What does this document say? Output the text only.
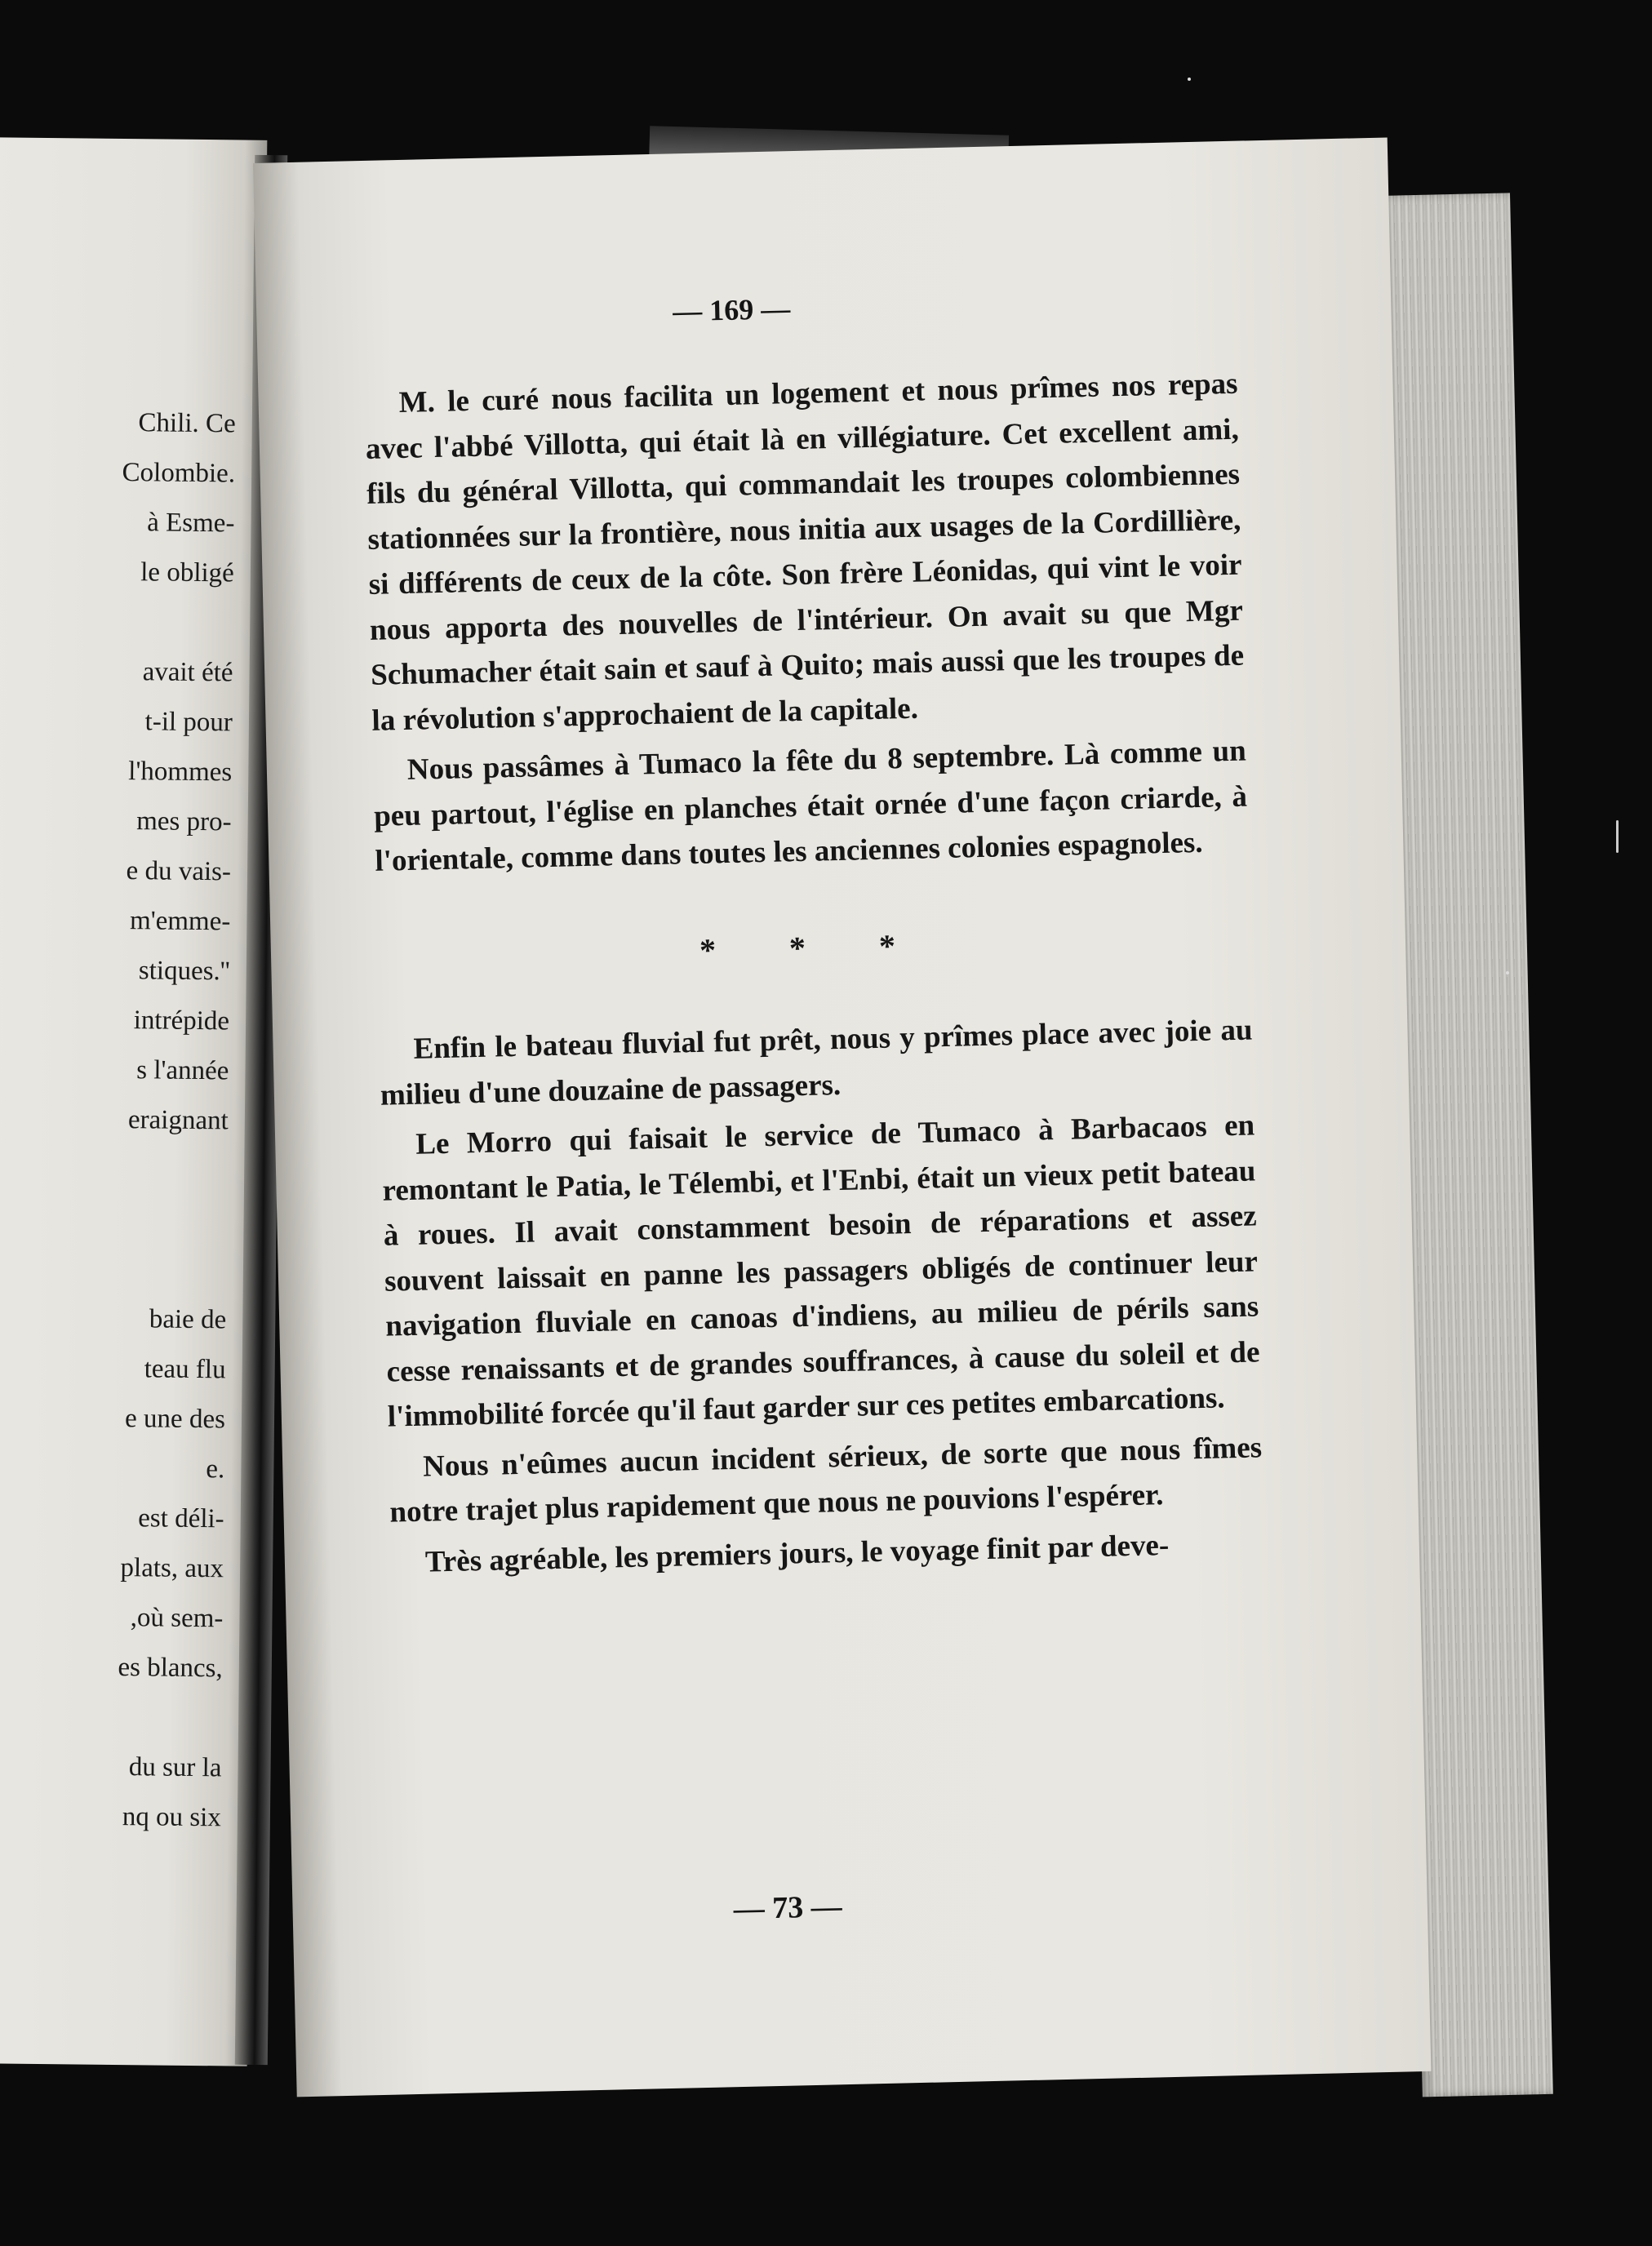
Chili. Ce
Colombie.
à Esme-
le obligé
avait été
t-il pour
l'hommes
mes pro-
e du vais-
m'emme-
stiques.''
intrépide
s l'année
eraignant
baie de
teau flu
e une des
e.
est déli-
plats, aux
,où sem-
es blancs,
du sur la
nq ou six
— 169 —

M. le curé nous facilita un logement et nous prîmes nos repas avec l'abbé Villotta, qui était là en villégiature. Cet excellent ami, fils du général Villotta, qui commandait les troupes colombiennes stationnées sur la frontière, nous initia aux usages de la Cordillière, si différents de ceux de la côte. Son frère Léonidas, qui vint le voir nous apporta des nouvelles de l'intérieur. On avait su que Mgr Schumacher était sain et sauf à Quito; mais aussi que les troupes de la révolution s'approchaient de la capitale.

Nous passâmes à Tumaco la fête du 8 septembre. Là comme un peu partout, l'église en planches était ornée d'une façon criarde, à l'orientale, comme dans toutes les anciennes colonies espagnoles.

* * *

Enfin le bateau fluvial fut prêt, nous y prîmes place avec joie au milieu d'une douzaine de passagers.

Le Morro qui faisait le service de Tumaco à Barbacaos en remontant le Patia, le Télembi, et l'Enbi, était un vieux petit bateau à roues. Il avait constamment besoin de réparations et assez souvent laissait en panne les passagers obligés de continuer leur navigation fluviale en canoas d'indiens, au milieu de périls sans cesse renaissants et de grandes souffrances, à cause du soleil et de l'immobilité forcée qu'il faut garder sur ces petites embarcations.

Nous n'eûmes aucun incident sérieux, de sorte que nous fîmes notre trajet plus rapidement que nous ne pouvions l'espérer.

Très agréable, les premiers jours, le voyage finit par deve-

— 73 —
